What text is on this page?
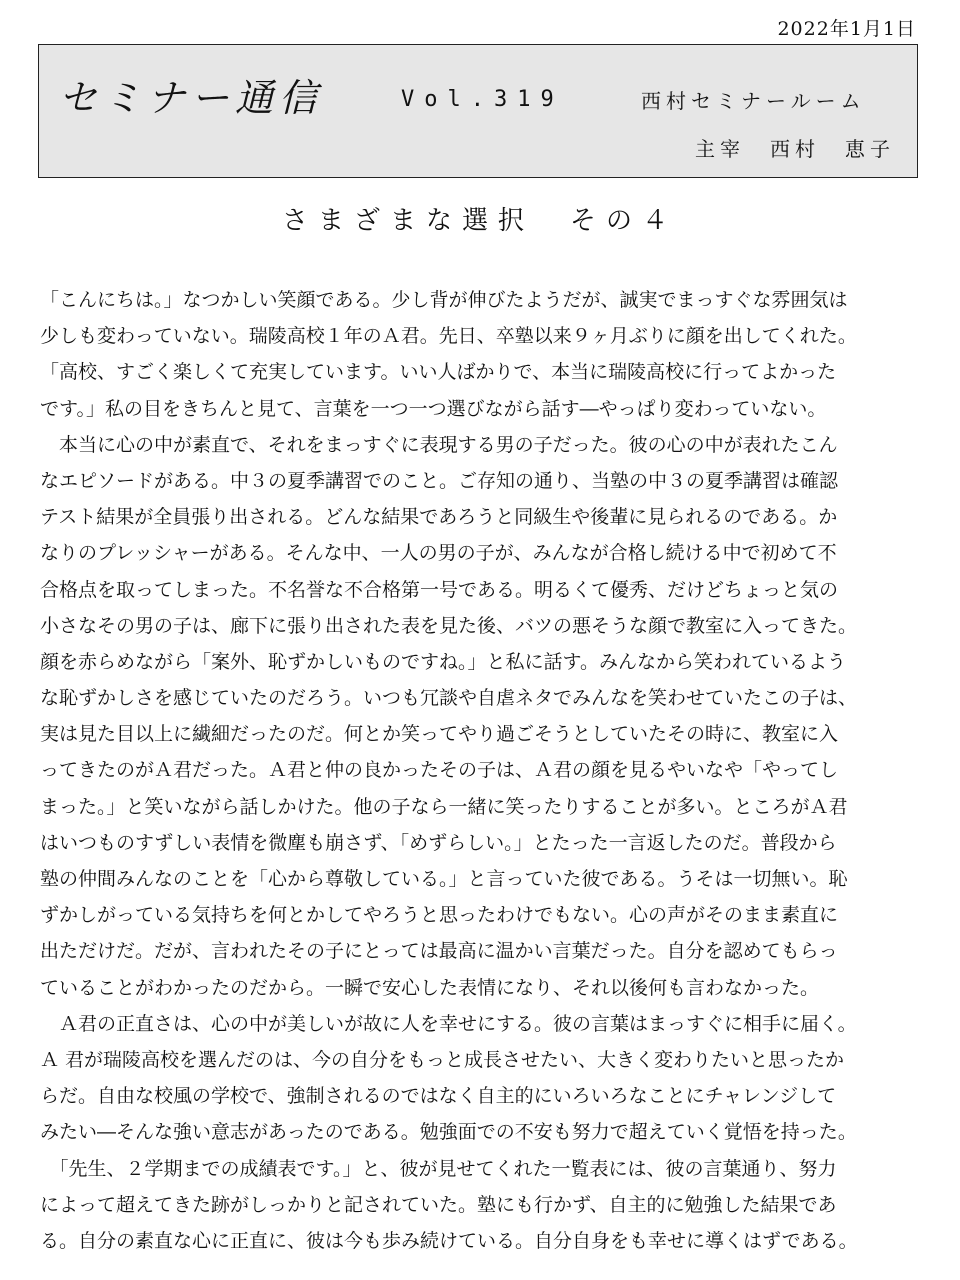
2022年1月1日
セミナー通信	Vol.319	西村セミナールーム
主宰　西村　恵子
さまざまな選択　その４
「こんにちは。」なつかしい笑顔である。少し背が伸びたようだが、誠実でまっすぐな雰囲気は
少しも変わっていない。瑞陵高校１年のＡ君。先日、卒塾以来９ヶ月ぶりに顔を出してくれた。
「高校、すごく楽しくて充実しています。いい人ばかりで、本当に瑞陵高校に行ってよかった
です。」私の目をきちんと見て、言葉を一つ一つ選びながら話す―やっぱり変わっていない。
　本当に心の中が素直で、それをまっすぐに表現する男の子だった。彼の心の中が表れたこん
なエピソードがある。中３の夏季講習でのこと。ご存知の通り、当塾の中３の夏季講習は確認
テスト結果が全員張り出される。どんな結果であろうと同級生や後輩に見られるのである。か
なりのプレッシャーがある。そんな中、一人の男の子が、みんなが合格し続ける中で初めて不
合格点を取ってしまった。不名誉な不合格第一号である。明るくて優秀、だけどちょっと気の
小さなその男の子は、廊下に張り出された表を見た後、バツの悪そうな顔で教室に入ってきた。
顔を赤らめながら「案外、恥ずかしいものですね。」と私に話す。みんなから笑われているよう
な恥ずかしさを感じていたのだろう。いつも冗談や自虐ネタでみんなを笑わせていたこの子は、
実は見た目以上に繊細だったのだ。何とか笑ってやり過ごそうとしていたその時に、教室に入
ってきたのがＡ君だった。Ａ君と仲の良かったその子は、Ａ君の顔を見るやいなや「やってし
まった。」と笑いながら話しかけた。他の子なら一緒に笑ったりすることが多い。ところがＡ君
はいつものすずしい表情を微塵も崩さず、「めずらしい。」とたった一言返したのだ。普段から
塾の仲間みんなのことを「心から尊敬している。」と言っていた彼である。うそは一切無い。恥
ずかしがっている気持ちを何とかしてやろうと思ったわけでもない。心の声がそのまま素直に
出ただけだ。だが、言われたその子にとっては最高に温かい言葉だった。自分を認めてもらっ
ていることがわかったのだから。一瞬で安心した表情になり、それ以後何も言わなかった。
　Ａ君の正直さは、心の中が美しいが故に人を幸せにする。彼の言葉はまっすぐに相手に届く。
Ａ 君が瑞陵高校を選んだのは、今の自分をもっと成長させたい、大きく変わりたいと思ったか
らだ。自由な校風の学校で、強制されるのではなく自主的にいろいろなことにチャレンジして
みたい―そんな強い意志があったのである。勉強面での不安も努力で超えていく覚悟を持った。
　「先生、２学期までの成績表です。」と、彼が見せてくれた一覧表には、彼の言葉通り、努力
によって超えてきた跡がしっかりと記されていた。塾にも行かず、自主的に勉強した結果であ
る。自分の素直な心に正直に、彼は今も歩み続けている。自分自身をも幸せに導くはずである。
